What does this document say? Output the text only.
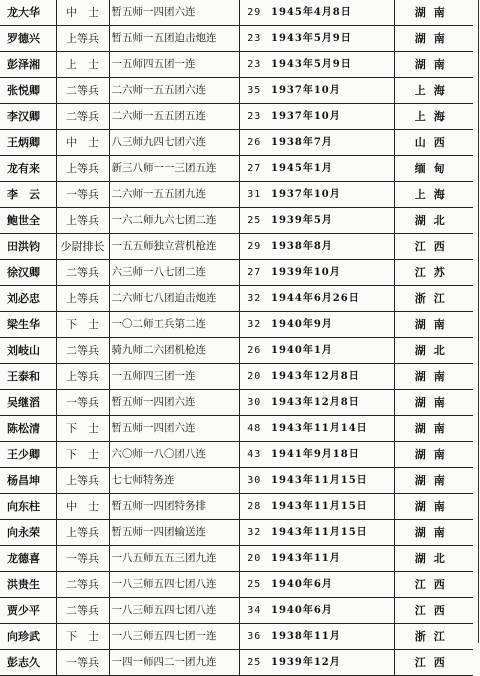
龙大华	中　士	暂五师一四团六连	29	1945年4月8日	湖南
罗德兴	上等兵	暂五师一五团迫击炮连	23	1943年5月9日	湖南
彭泽湘	上　士	一五师四五团一连	23	1943年5月9日	湖南
张悦卿	二等兵	二六师一五五团六连	35	1937年10月	上海
李汉卿	二等兵	二六师一五五团五连	23	1937年10月	上海
王炳卿	中　士	八三师九四七团六连	26	1938年7月	山西
龙有来	上等兵	新三八师一一三团五连	27	1945年1月	缅甸
李　云	一等兵	二六师一五五团九连	31	1937年10月	上海
鲍世全	上等兵	一六二师九六七团二连	25	1939年5月	湖北
田洪钧	少尉排长	一五五师独立营机枪连	29	1938年8月	江西
徐汉卿	二等兵	六三师一八七团二连	27	1939年10月	江苏
刘必忠	上等兵	二六师七八团迫击炮连	32	1944年6月26日	浙江
梁生华	下　士	一〇二师工兵第二连	32	1940年9月	湖南
刘岐山	二等兵	骑九师二六团机枪连	26	1940年1月	湖北
王泰和	上等兵	一五师四三团一连	20	1943年12月8日	湖南
吴继滔	一等兵	暂五师一四团六连	30	1943年12月8日	湖南
陈松清	下　士	暂五师一四团六连	48	1943年11月14日	湖南
王少卿	下　士	六〇师一八〇团八连	43	1941年9月18日	湖南
杨昌坤	上等兵	七七师特务连	30	1943年11月15日	湖南
向东柱	中　士	暂五师一四团特务排	28	1943年11月15日	湖南
向永荣	上等兵	暂五师一四团输送连	32	1943年11月15日	湖南
龙德喜	一等兵	一八五师五五三团九连	20	1943年11月	湖北
洪贵生	二等兵	一八三师五四七团八连	25	1940年6月	江西
贾少平	二等兵	一八三师五四七团八连	34	1940年6月	江西
向珍武	下　士	一八三师五四七团一连	36	1938年11月	浙江
彭志久	一等兵	一四一师四二一团九连	25	1939年12月	江西
